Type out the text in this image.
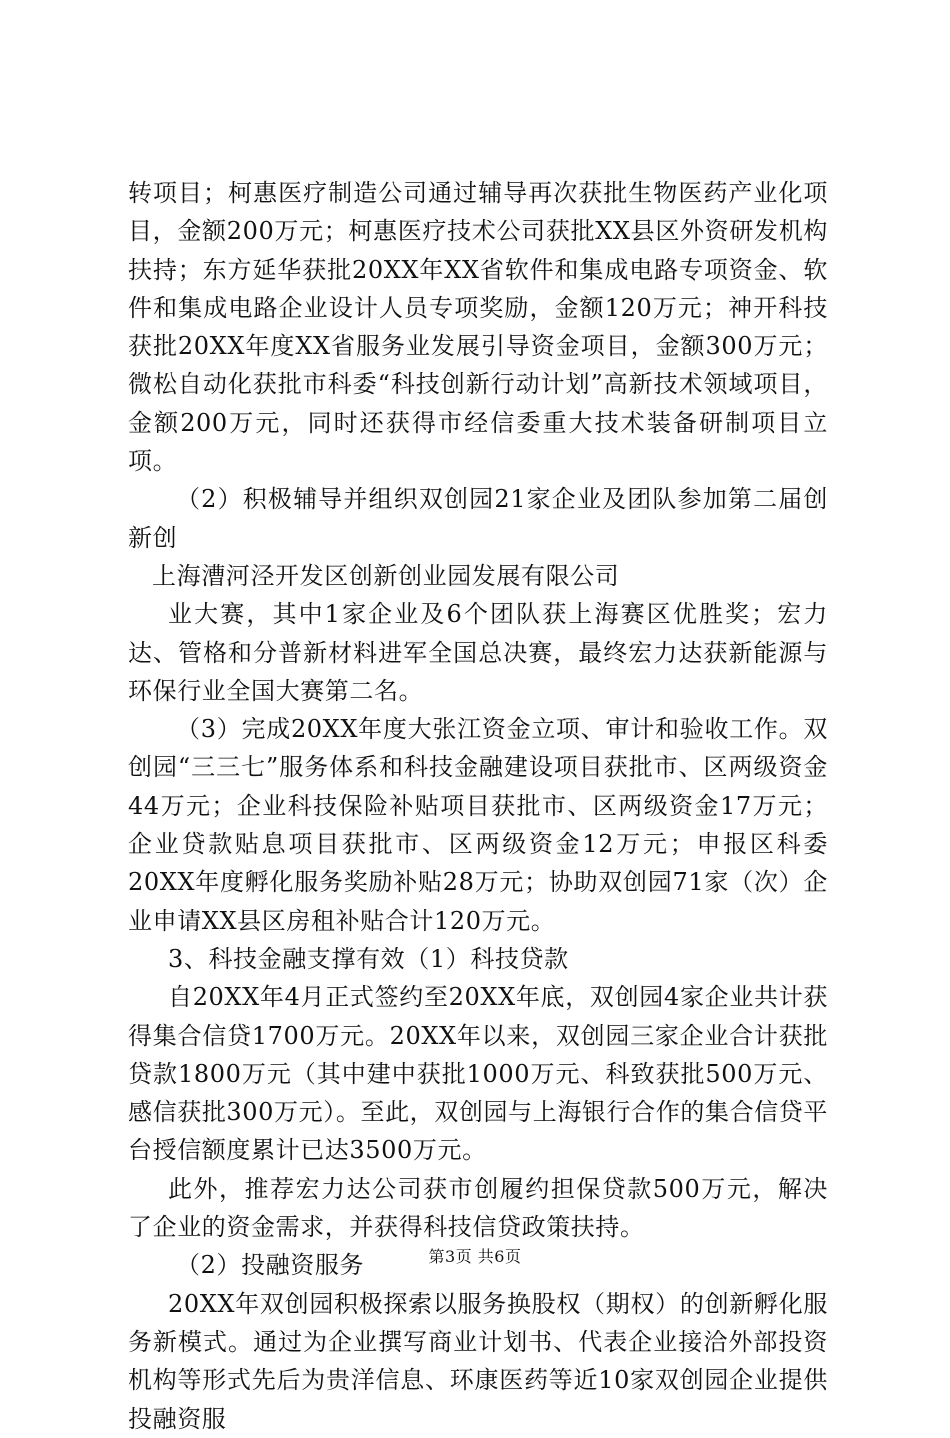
转项目；柯惠医疗制造公司通过辅导再次获批生物医药产业化项目，金额200万元；柯惠医疗技术公司获批XX县区外资研发机构扶持；东方延华获批20XX年XX省软件和集成电路专项资金、软件和集成电路企业设计人员专项奖励，金额120万元；神开科技获批20XX年度XX省服务业发展引导资金项目，金额300万元；微松自动化获批市科委“科技创新行动计划”高新技术领域项目，金额200万元，同时还获得市经信委重大技术装备研制项目立项。

（2）积极辅导并组织双创园21家企业及团队参加第二届创新创

上海漕河泾开发区创新创业园发展有限公司

业大赛，其中1家企业及6个团队获上海赛区优胜奖；宏力达、管格和分普新材料进军全国总决赛，最终宏力达获新能源与环保行业全国大赛第二名。

（3）完成20XX年度大张江资金立项、审计和验收工作。双创园“三三七”服务体系和科技金融建设项目获批市、区两级资金44万元；企业科技保险补贴项目获批市、区两级资金17万元；企业贷款贴息项目获批市、区两级资金12万元；申报区科委20XX年度孵化服务奖励补贴28万元；协助双创园71家（次）企业申请XX县区房租补贴合计120万元。

3、科技金融支撑有效（1）科技贷款

自20XX年4月正式签约至20XX年底，双创园4家企业共计获得集合信贷1700万元。20XX年以来，双创园三家企业合计获批贷款1800万元（其中建中获批1000万元、科致获批500万元、感信获批300万元）。至此，双创园与上海银行合作的集合信贷平台授信额度累计已达3500万元。

此外，推荐宏力达公司获市创履约担保贷款500万元，解决了企业的资金需求，并获得科技信贷政策扶持。

（2）投融资服务

20XX年双创园积极探索以服务换股权（期权）的创新孵化服务新模式。通过为企业撰写商业计划书、代表企业接洽外部投资机构等形式先后为贵洋信息、环康医药等近10家双创园企业提供投融资服

第3页 共6页
